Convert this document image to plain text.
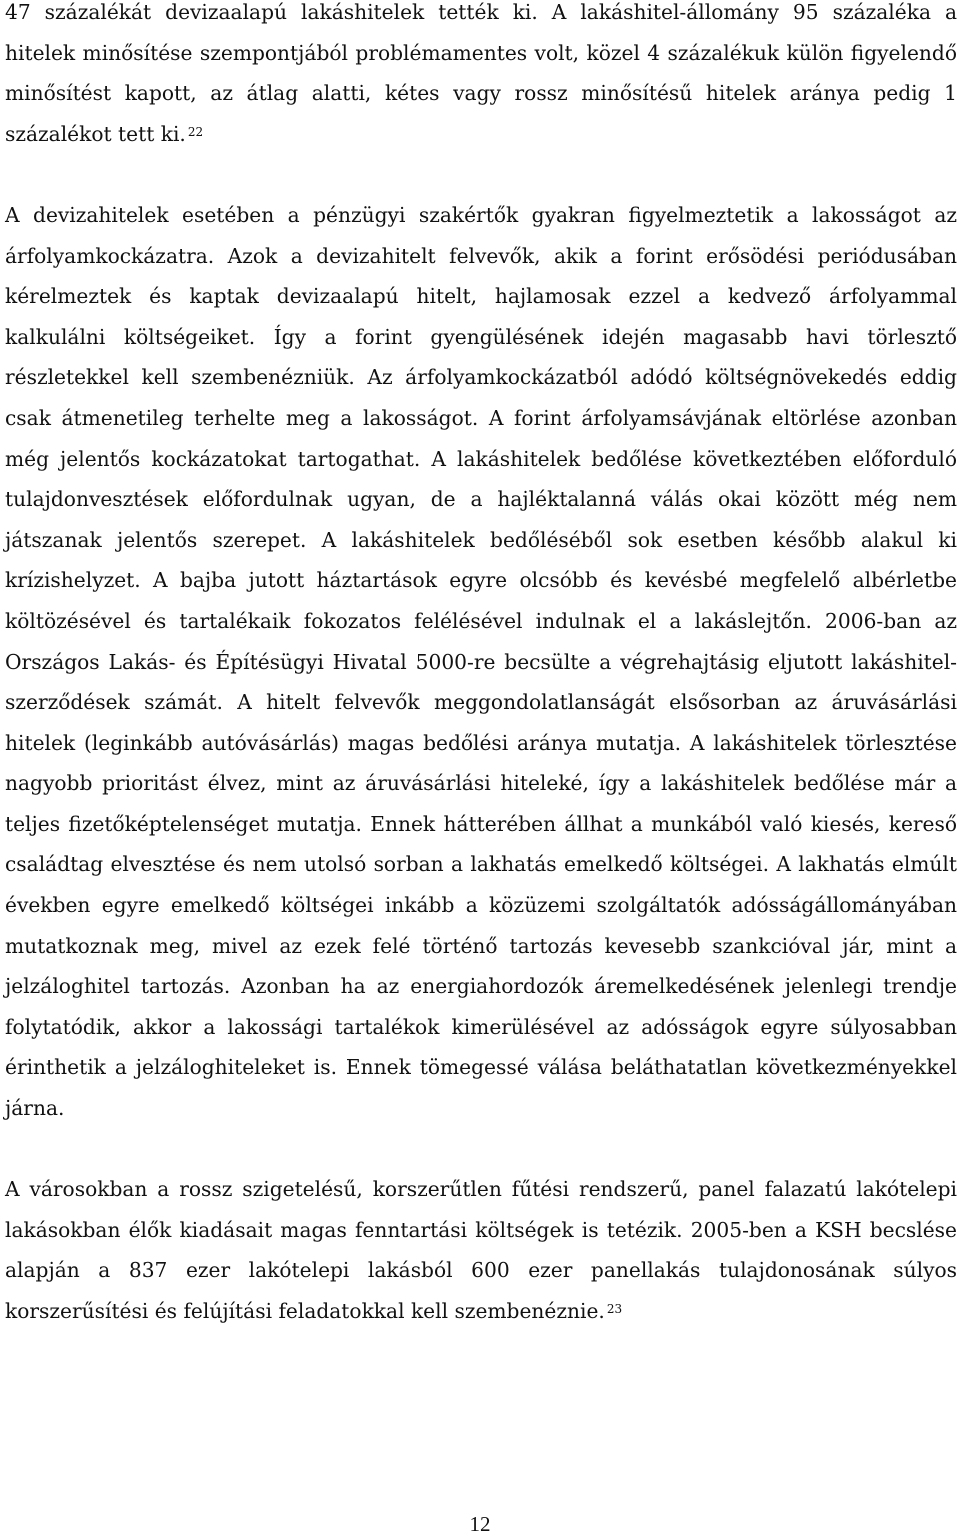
47 százalékát devizaalapú lakáshitelek tették ki. A lakáshitel-állomány 95 százaléka a hitelek minősítése szempontjából problémamentes volt, közel 4 százalékuk külön figyelendő minősítést kapott, az átlag alatti, kétes vagy rossz minősítésű hitelek aránya pedig 1 százalékot tett ki. $^{22}$

A devizahitelek esetében a pénzügyi szakértők gyakran figyelmeztetik a lakosságot az árfolyamkockázatra. Azok a devizahitelt felvevők, akik a forint erősödési periódusában kérelmeztek és kaptak devizaalapú hitelt, hajlamosak ezzel a kedvező árfolyammal kalkulálni költségeiket. Így a forint gyengülésének idején magasabb havi törlesztő részletekkel kell szembenézniük. Az árfolyamkockázatból adódó költségnövekedés eddig csak átmenetileg terhelte meg a lakosságot. A forint árfolyamsávjának eltörlése azonban még jelentős kockázatokat tartogathat. A lakáshitelek bedőlése következtében előforduló tulajdonvesztések előfordulnak ugyan, de a hajléktalanná válás okai között még nem játszanak jelentős szerepet. A lakáshitelek bedőléséből sok esetben később alakul ki krízishelyzet. A bajba jutott háztartások egyre olcsóbb és kevésbé megfelelő albérletbe költözésével és tartalékaik fokozatos felélésével indulnak el a lakáslejtőn. 2006-ban az Országos Lakás- és Építésügyi Hivatal 5000-re becsülte a végrehajtásig eljutott lakáshitel-szerződések számát. A hitelt felvevők meggondolatlanságát elsősorban az áruvásárlási hitelek (leginkább autóvásárlás) magas bedőlési aránya mutatja. A lakáshitelek törlesztése nagyobb prioritást élvez, mint az áruvásárlási hiteleké, így a lakáshitelek bedőlése már a teljes fizetőképtelenséget mutatja. Ennek hátterében állhat a munkából való kiesés, kereső családtag elvesztése és nem utolsó sorban a lakhatás emelkedő költségei. A lakhatás elmúlt években egyre emelkedő költségei inkább a közüzemi szolgáltatók adósságállományában mutatkoznak meg, mivel az ezek felé történő tartozás kevesebb szankcióval jár, mint a jelzáloghitel tartozás. Azonban ha az energiahordozók áremelkedésének jelenlegi trendje folytatódik, akkor a lakossági tartalékok kimerülésével az adósságok egyre súlyosabban érinthetik a jelzáloghiteleket is. Ennek tömegessé válása beláthatatlan következményekkel járna.

A városokban a rossz szigetelésű, korszerűtlen fűtési rendszerű, panel falazatú lakótelepi lakásokban élők kiadásait magas fenntartási költségek is tetézik. 2005-ben a KSH becslése alapján a 837 ezer lakótelepi lakásból 600 ezer panellakás tulajdonosának súlyos korszerűsítési és felújítási feladatokkal kell szembenéznie. $^{23}$

12
